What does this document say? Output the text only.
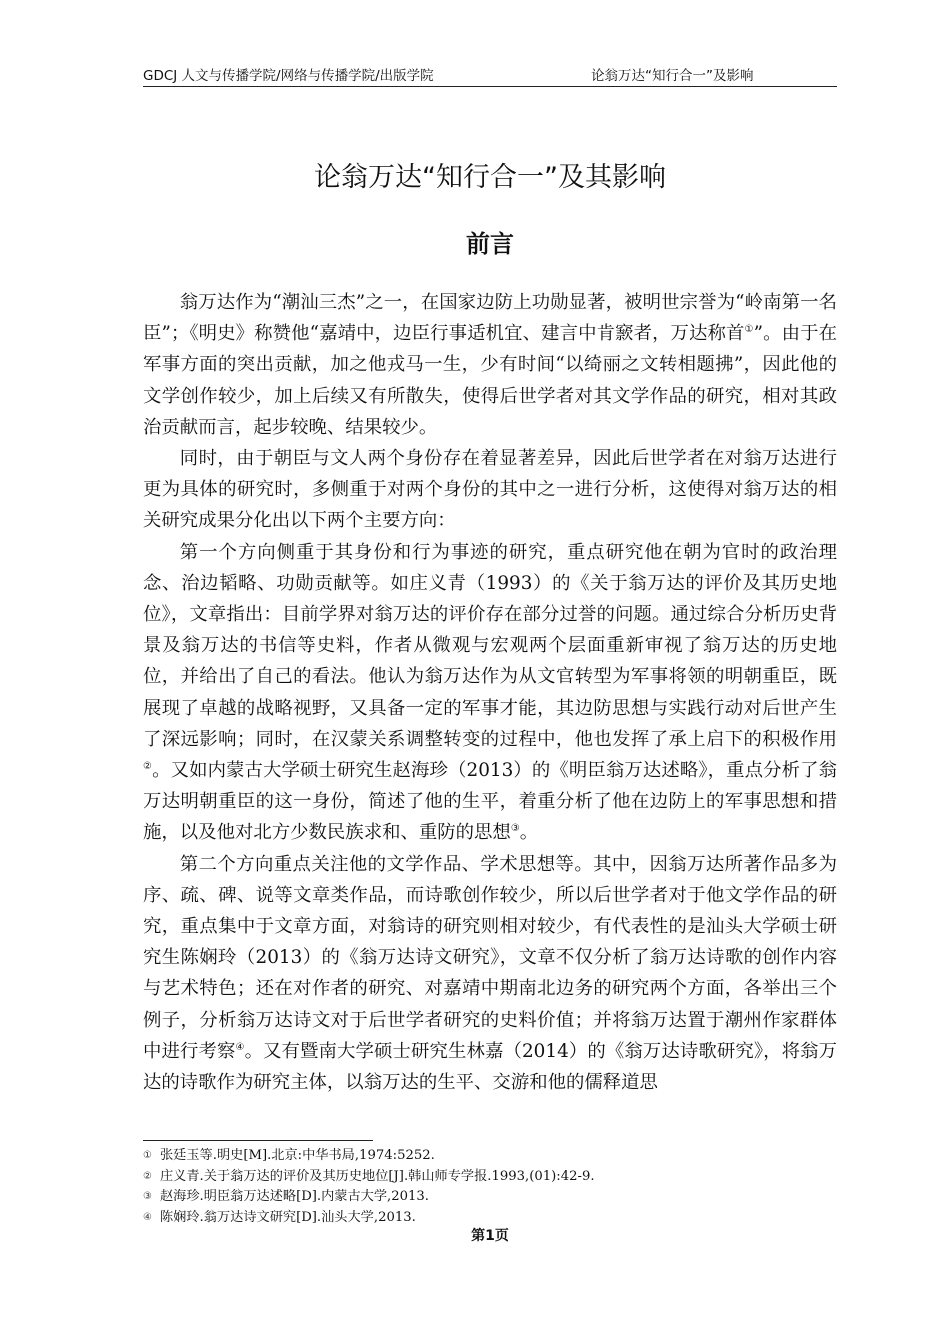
GDCJ 人文与传播学院/网络与传播学院/出版学院	论翁万达“知行合一”及影响
论翁万达“知行合一”及其影响
前言

翁万达作为“潮汕三杰”之一，在国家边防上功勋显著，被明世宗誉为“岭南第一名臣”；《明史》称赞他“嘉靖中，边臣行事适机宜、建言中肯窾者，万达称首①”。由于在军事方面的突出贡献，加之他戎马一生，少有时间“以绮丽之文转相题拂”，因此他的文学创作较少，加上后续又有所散失，使得后世学者对其文学作品的研究，相对其政治贡献而言，起步较晚、结果较少。

同时，由于朝臣与文人两个身份存在着显著差异，因此后世学者在对翁万达进行更为具体的研究时，多侧重于对两个身份的其中之一进行分析，这使得对翁万达的相关研究成果分化出以下两个主要方向：

第一个方向侧重于其身份和行为事迹的研究，重点研究他在朝为官时的政治理念、治边韬略、功勋贡献等。如庄义青（1993）的《关于翁万达的评价及其历史地位》，文章指出：目前学界对翁万达的评价存在部分过誉的问题。通过综合分析历史背景及翁万达的书信等史料，作者从微观与宏观两个层面重新审视了翁万达的历史地位，并给出了自己的看法。他认为翁万达作为从文官转型为军事将领的明朝重臣，既展现了卓越的战略视野，又具备一定的军事才能，其边防思想与实践行动对后世产生了深远影响；同时，在汉蒙关系调整转变的过程中，他也发挥了承上启下的积极作用②。又如内蒙古大学硕士研究生赵海珍（2013）的《明臣翁万达述略》，重点分析了翁万达明朝重臣的这一身份，简述了他的生平，着重分析了他在边防上的军事思想和措施，以及他对北方少数民族求和、重防的思想③。

第二个方向重点关注他的文学作品、学术思想等。其中，因翁万达所著作品多为序、疏、碑、说等文章类作品，而诗歌创作较少，所以后世学者对于他文学作品的研究，重点集中于文章方面，对翁诗的研究则相对较少，有代表性的是汕头大学硕士研究生陈娴玲（2013）的《翁万达诗文研究》，文章不仅分析了翁万达诗歌的创作内容与艺术特色；还在对作者的研究、对嘉靖中期南北边务的研究两个方面，各举出三个例子，分析翁万达诗文对于后世学者研究的史料价值；并将翁万达置于潮州作家群体中进行考察④。又有暨南大学硕士研究生林嘉（2014）的《翁万达诗歌研究》，将翁万达的诗歌作为研究主体，以翁万达的生平、交游和他的儒释道思

① 张廷玉等.明史[M].北京:中华书局,1974:5252.
② 庄义青.关于翁万达的评价及其历史地位[J].韩山师专学报.1993,(01):42-9.
③ 赵海珍.明臣翁万达述略[D].内蒙古大学,2013.
④ 陈娴玲.翁万达诗文研究[D].汕头大学,2013.
第1页
